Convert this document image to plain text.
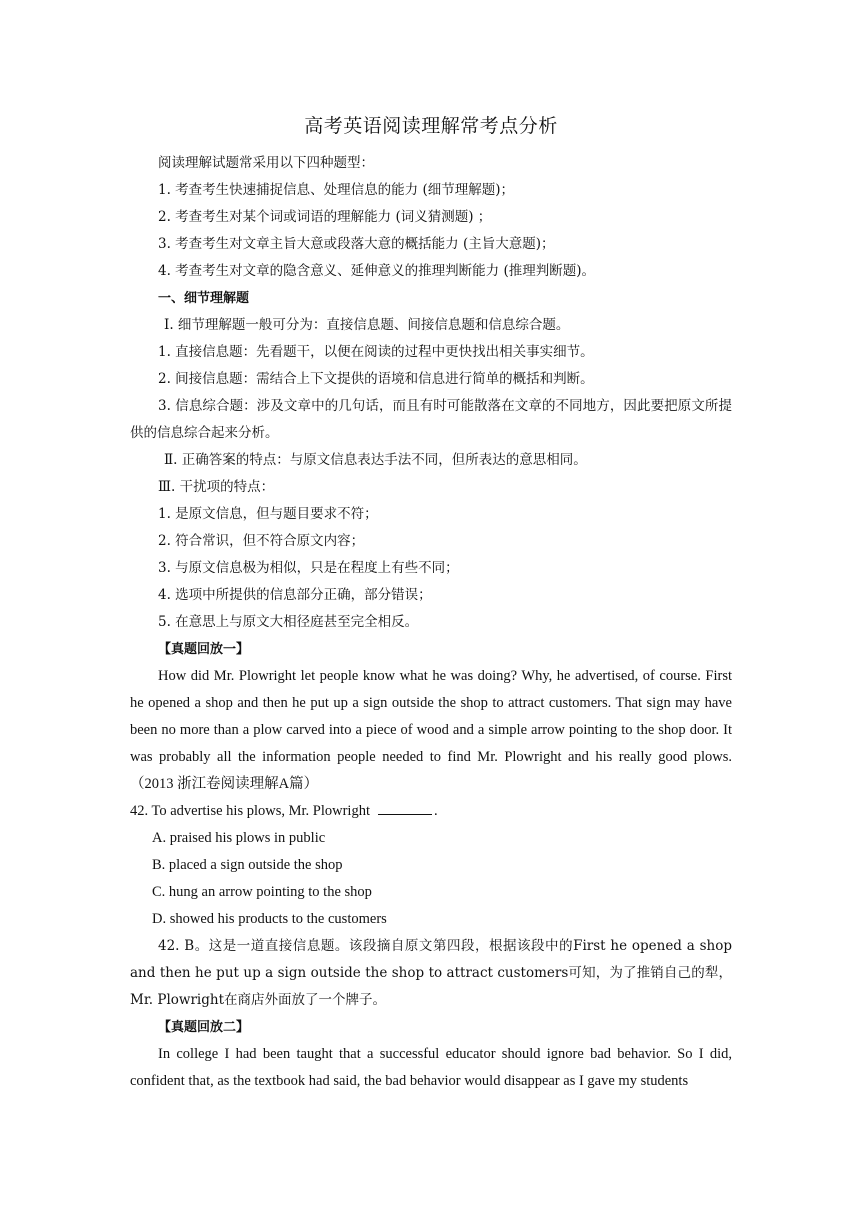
高考英语阅读理解常考点分析
阅读理解试题常采用以下四种题型：
1. 考查考生快速捕捉信息、处理信息的能力 (细节理解题)；
2. 考查考生对某个词或词语的理解能力 (词义猜测题) ；
3. 考查考生对文章主旨大意或段落大意的概括能力 (主旨大意题)；
4. 考查考生对文章的隐含意义、延伸意义的推理判断能力 (推理判断题)。
一、细节理解题
Ⅰ. 细节理解题一般可分为：直接信息题、间接信息题和信息综合题。
1. 直接信息题：先看题干，以便在阅读的过程中更快找出相关事实细节。
2. 间接信息题：需结合上下文提供的语境和信息进行简单的概括和判断。

3. 信息综合题：涉及文章中的几句话，而且有时可能散落在文章的不同地方，因此要把原文所提供的信息综合起来分析。

Ⅱ. 正确答案的特点：与原文信息表达手法不同，但所表达的意思相同。
Ⅲ. 干扰项的特点：
1. 是原文信息，但与题目要求不符；
2. 符合常识，但不符合原文内容；
3. 与原文信息极为相似，只是在程度上有些不同；
4. 选项中所提供的信息部分正确，部分错误；
5. 在意思上与原文大相径庭甚至完全相反。
【真题回放一】

How did Mr. Plowright let people know what he was doing? Why, he advertised, of course. First he opened a shop and then he put up a sign outside the shop to attract customers. That sign may have been no more than a plow carved into a piece of wood and a simple arrow pointing to the shop door. It was probably all the information people needed to find Mr. Plowright and his really good plows.（2013 浙江卷阅读理解A篇）

42. To advertise his plows, Mr. Plowright	.
A. praised his plows in public
B. placed a sign outside the shop
C. hung an arrow pointing to the shop
D. showed his products to the customers

42. B。这是一道直接信息题。该段摘自原文第四段，根据该段中的First he opened a shop and then he put up a sign outside the shop to attract customers可知，为了推销自己的犁，Mr. Plowright在商店外面放了一个牌子。

【真题回放二】

In college I had been taught that a successful educator should ignore bad behavior. So I did, confident that, as the textbook had said, the bad behavior would disappear as I gave my students
